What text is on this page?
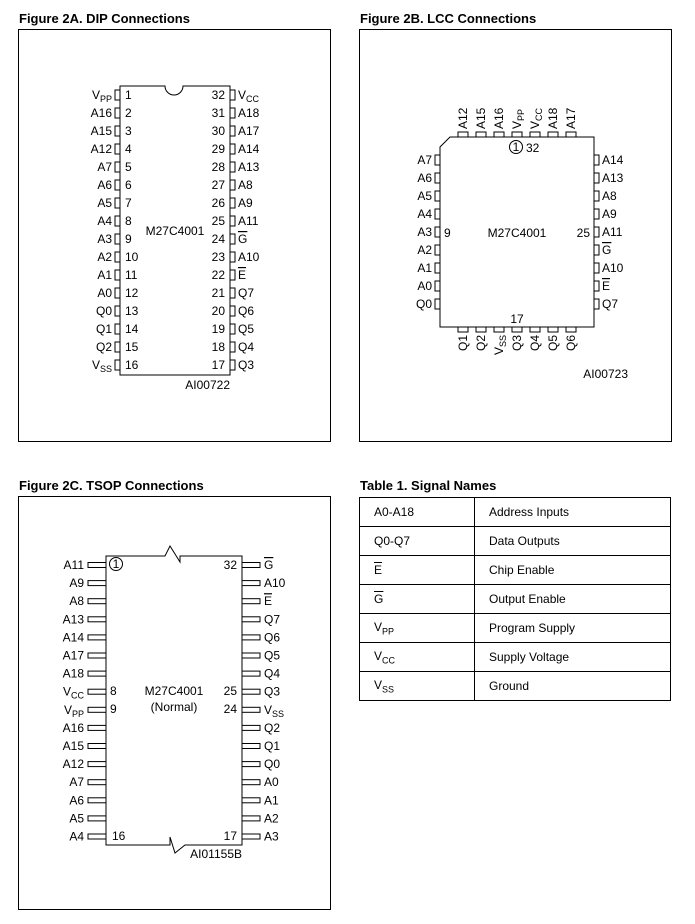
Figure 2A. DIP Connections	Figure 2B. LCC Connections
Figure 2C. TSOP Connections	Table 1. Signal Names
1
$V_{PP}$
2
A16
3
A15
4
A12
5
A7
6
A6
7
A5
8
A4
9
A3
10
A2
11
A1
12
A0
13
Q0
14
Q1
15
Q2
16
$V_{SS}$
32 $V_{CC}$
31 A18
30 A17
29 A14
28 A13
27 A8
26 A9
25 A11
24 G
23 A10
22 E
21 Q7
20 Q6
19 Q5
18 Q4
17 Q3
M27C4001
AI00722
A12 A15 A16 $V_{PP}$
$V_{CC}$ A18 A17
Q1 Q2
$V_{SS}$ Q3 Q4 Q5 Q6
A7
A6
A5
A4
A3
A2
A1
A0
Q0
A14
A13
A8
A9
A11
G
A10
E
Q7
1 32
9	25
17
M27C4001
AI00723
A11
A9
A8
A13
A14
A17
A18
$V_{CC}$
$V_{PP}$
A16
A15
A12
A7
A6
A5
A4
G
A10
E
Q7
Q6
Q5
Q4
Q3
$V_{SS}$
Q2
Q1
Q0
A0
A1
A2
A3
1	32
8
9
25
24
16	17
M27C4001
(Normal)
AI01155B
A0-A18	Address Inputs
Q0-Q7	Data Outputs
$\overline{E}$	Chip Enable
$\overline{G}$	Output Enable
$V_{PP}$	Program Supply
$V_{CC}$	Supply Voltage
$V_{SS}$	Ground
